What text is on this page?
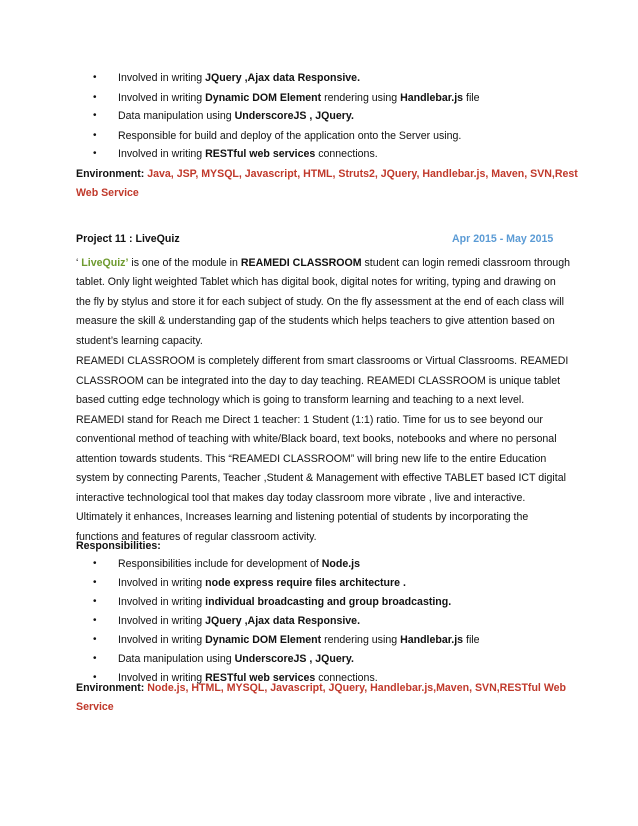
• Involved in writing JQuery ,Ajax data Responsive.
• Involved in writing Dynamic DOM Element rendering using Handlebar.js file
• Data manipulation using UnderscoreJS , JQuery.
• Responsible for build and deploy of the application onto the Server using.
• Involved in writing RESTful web services connections.
Environment: Java, JSP, MYSQL, Javascript, HTML, Struts2, JQuery, Handlebar.js, Maven, SVN,Rest
Web Service
Project 11 : LiveQuiz	Apr 2015 - May 2015
‘ LiveQuiz’ is one of the module in REAMEDI CLASSROOM student can login remedi classroom through
tablet. Only light weighted Tablet which has digital book, digital notes for writing, typing and drawing on
the fly by stylus and store it for each subject of study. On the fly assessment at the end of each class will
measure the skill & understanding gap of the students which helps teachers to give attention based on
student’s learning capacity.
REAMEDI CLASSROOM is completely different from smart classrooms or Virtual Classrooms. REAMEDI
CLASSROOM can be integrated into the day to day teaching. REAMEDI CLASSROOM is unique tablet
based cutting edge technology which is going to transform learning and teaching to a next level.
REAMEDI stand for Reach me Direct 1 teacher: 1 Student (1:1) ratio. Time for us to see beyond our
conventional method of teaching with white/Black board, text books, notebooks and where no personal
attention towards students. This “REAMEDI CLASSROOM” will bring new life to the entire Education
system by connecting Parents, Teacher ,Student & Management with effective TABLET based ICT digital
interactive technological tool that makes day today classroom more vibrate , live and interactive.
Ultimately it enhances, Increases learning and listening potential of students by incorporating the
functions and features of regular classroom activity.
Responsibilities:
• Responsibilities include for development of Node.js
• Involved in writing node express require files architecture .
• Involved in writing individual broadcasting and group broadcasting.
• Involved in writing JQuery ,Ajax data Responsive.
• Involved in writing Dynamic DOM Element rendering using Handlebar.js file
• Data manipulation using UnderscoreJS , JQuery.
• Involved in writing RESTful web services connections.
Environment: Node.js, HTML, MYSQL, Javascript, JQuery, Handlebar.js,Maven, SVN,RESTful Web
Service
